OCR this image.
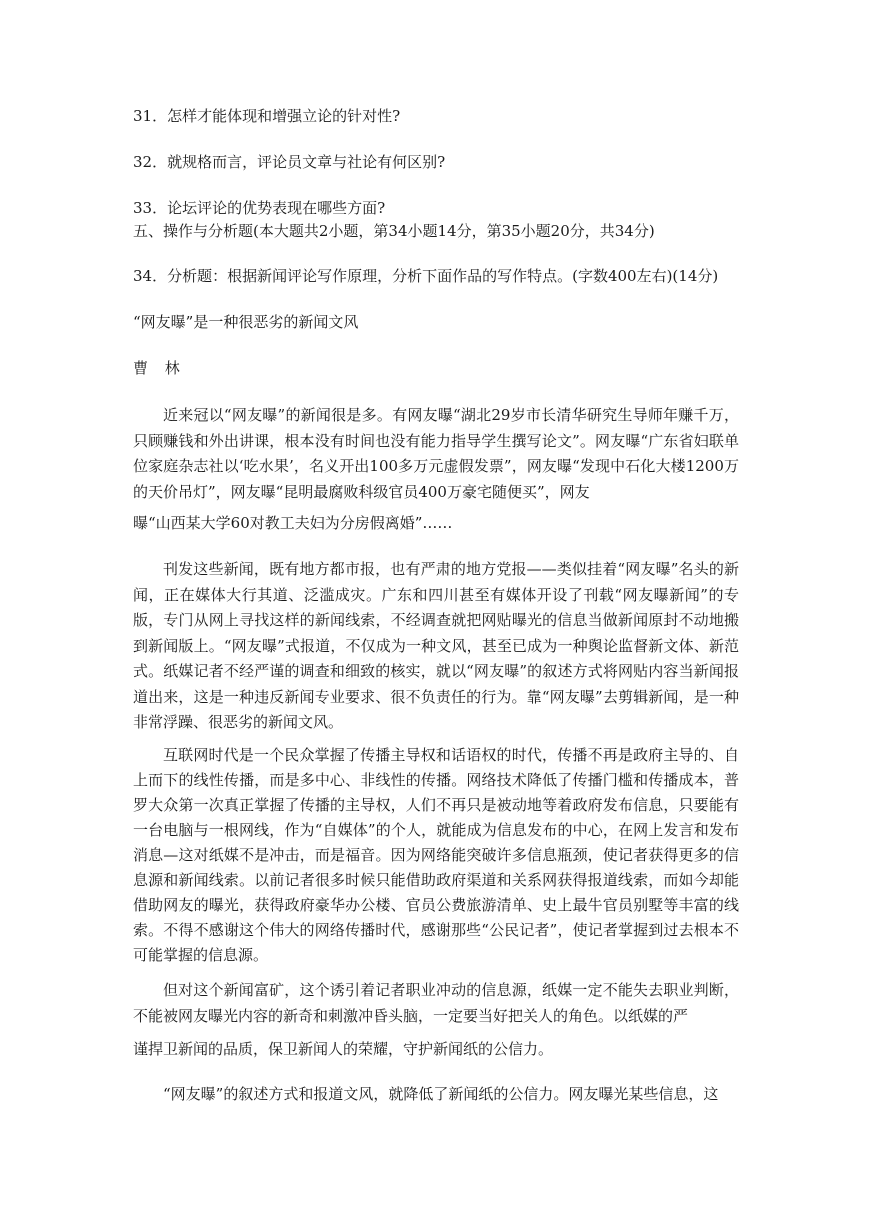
31．怎样才能体现和增强立论的针对性?
32．就规格而言，评论员文章与社论有何区别?
33．论坛评论的优势表现在哪些方面?
五、操作与分析题(本大题共2小题，第34小题14分，第35小题20分，共34分)
34．分析题：根据新闻评论写作原理，分析下面作品的写作特点。(字数400左右)(14分)
“网友曝”是一种很恶劣的新闻文风
曹 林
近来冠以“网友曝”的新闻很是多。有网友曝“湖北29岁市长清华研究生导师年赚千万，只顾赚钱和外出讲课，根本没有时间也没有能力指导学生撰写论文”。网友曝“广东省妇联单位家庭杂志社以‘吃水果’，名义开出100多万元虚假发票”，网友曝“发现中石化大楼1200万的天价吊灯”，网友曝“昆明最腐败科级官员400万豪宅随便买”，网友
曝“山西某大学60对教工夫妇为分房假离婚”……
刊发这些新闻，既有地方都市报，也有严肃的地方党报——类似挂着“网友曝”名头的新闻，正在媒体大行其道、泛滥成灾。广东和四川甚至有媒体开设了刊载“网友曝新闻”的专版，专门从网上寻找这样的新闻线索，不经调查就把网贴曝光的信息当做新闻原封不动地搬到新闻版上。“网友曝”式报道，不仅成为一种文风，甚至已成为一种舆论监督新文体、新范式。纸媒记者不经严谨的调查和细致的核实，就以“网友曝”的叙述方式将网贴内容当新闻报道出来，这是一种违反新闻专业要求、很不负责任的行为。靠“网友曝”去剪辑新闻，是一种非常浮躁、很恶劣的新闻文风。
互联网时代是一个民众掌握了传播主导权和话语权的时代，传播不再是政府主导的、自上而下的线性传播，而是多中心、非线性的传播。网络技术降低了传播门槛和传播成本，普罗大众第一次真正掌握了传播的主导权，人们不再只是被动地等着政府发布信息，只要能有一台电脑与一根网线，作为“自媒体”的个人，就能成为信息发布的中心，在网上发言和发布消息—这对纸媒不是冲击，而是福音。因为网络能突破许多信息瓶颈，使记者获得更多的信息源和新闻线索。以前记者很多时候只能借助政府渠道和关系网获得报道线索，而如今却能借助网友的曝光，获得政府豪华办公楼、官员公费旅游清单、史上最牛官员别墅等丰富的线索。不得不感谢这个伟大的网络传播时代，感谢那些“公民记者”，使记者掌握到过去根本不可能掌握的信息源。
但对这个新闻富矿，这个诱引着记者职业冲动的信息源，纸媒一定不能失去职业判断，不能被网友曝光内容的新奇和刺激冲昏头脑，一定要当好把关人的角色。以纸媒的严
谨捍卫新闻的品质，保卫新闻人的荣耀，守护新闻纸的公信力。
“网友曝”的叙述方式和报道文风，就降低了新闻纸的公信力。网友曝光某些信息，这
